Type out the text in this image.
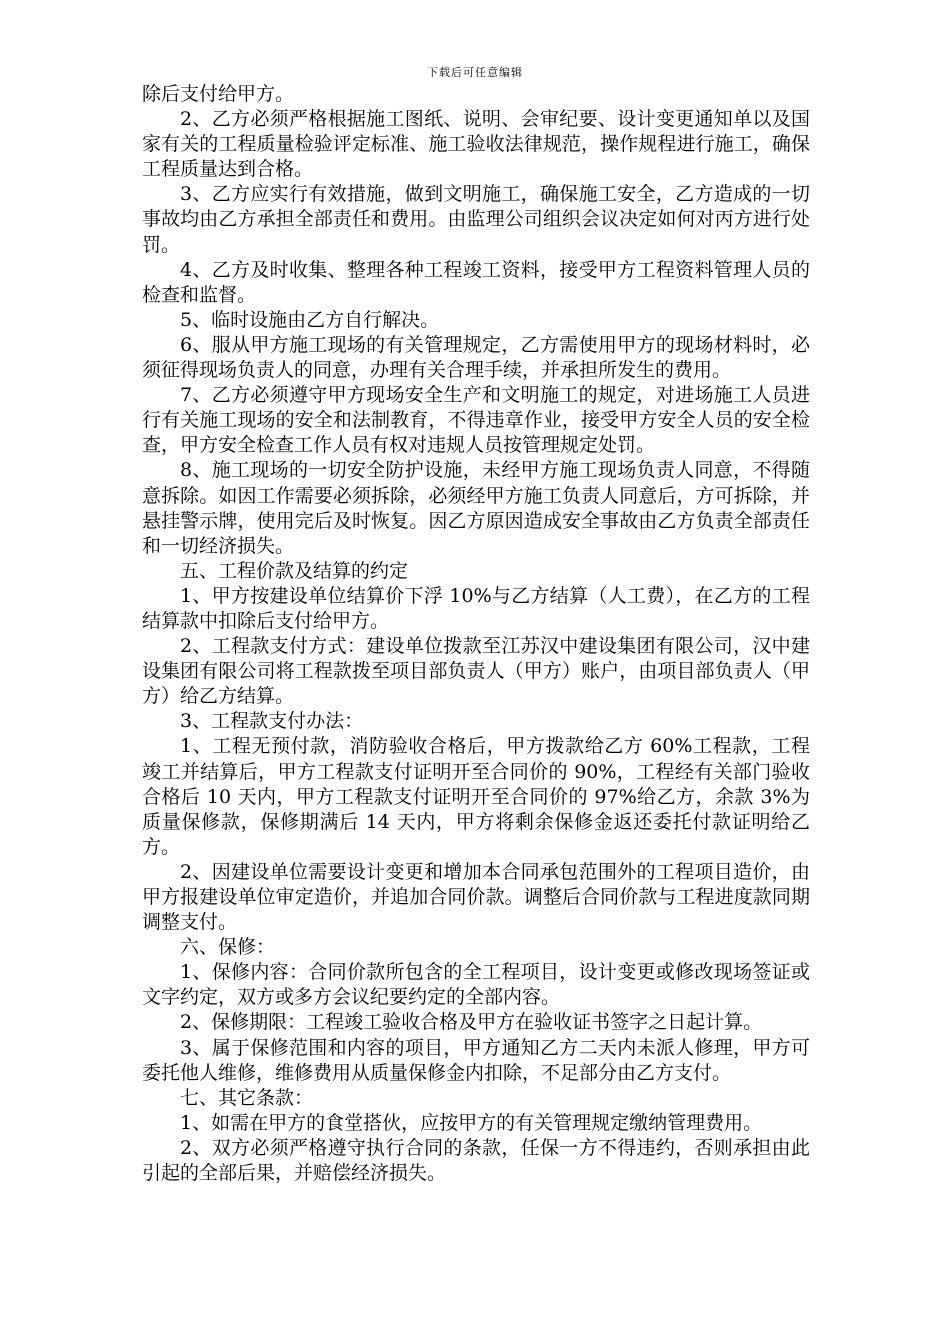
下载后可任意编辑

除后支付给甲方。

2、乙方必须严格根据施工图纸、说明、会审纪要、设计变更通知单以及国家有关的工程质量检验评定标准、施工验收法律规范，操作规程进行施工，确保工程质量达到合格。

3、乙方应实行有效措施，做到文明施工，确保施工安全，乙方造成的一切事故均由乙方承担全部责任和费用。由监理公司组织会议决定如何对丙方进行处罚。

4、乙方及时收集、整理各种工程竣工资料，接受甲方工程资料管理人员的检查和监督。

5、临时设施由乙方自行解决。

6、服从甲方施工现场的有关管理规定，乙方需使用甲方的现场材料时，必须征得现场负责人的同意，办理有关合理手续，并承担所发生的费用。

7、乙方必须遵守甲方现场安全生产和文明施工的规定，对进场施工人员进行有关施工现场的安全和法制教育，不得违章作业，接受甲方安全人员的安全检查，甲方安全检查工作人员有权对违规人员按管理规定处罚。

8、施工现场的一切安全防护设施，未经甲方施工现场负责人同意，不得随意拆除。如因工作需要必须拆除，必须经甲方施工负责人同意后，方可拆除，并悬挂警示牌，使用完后及时恢复。因乙方原因造成安全事故由乙方负责全部责任和一切经济损失。

五、工程价款及结算的约定

1、甲方按建设单位结算价下浮 10%与乙方结算（人工费），在乙方的工程结算款中扣除后支付给甲方。

2、工程款支付方式：建设单位拨款至江苏汉中建设集团有限公司，汉中建设集团有限公司将工程款拨至项目部负责人（甲方）账户，由项目部负责人（甲方）给乙方结算。

3、工程款支付办法：

1、工程无预付款，消防验收合格后，甲方拨款给乙方 60%工程款，工程竣工并结算后，甲方工程款支付证明开至合同价的 90%，工程经有关部门验收合格后 10 天内，甲方工程款支付证明开至合同价的 97%给乙方，余款 3%为质量保修款，保修期满后 14 天内，甲方将剩余保修金返还委托付款证明给乙方。

2、因建设单位需要设计变更和增加本合同承包范围外的工程项目造价，由甲方报建设单位审定造价，并追加合同价款。调整后合同价款与工程进度款同期调整支付。

六、保修：

1、保修内容：合同价款所包含的全工程项目，设计变更或修改现场签证或文字约定，双方或多方会议纪要约定的全部内容。

2、保修期限：工程竣工验收合格及甲方在验收证书签字之日起计算。

3、属于保修范围和内容的项目，甲方通知乙方二天内未派人修理，甲方可委托他人维修，维修费用从质量保修金内扣除，不足部分由乙方支付。

七、其它条款：

1、如需在甲方的食堂搭伙，应按甲方的有关管理规定缴纳管理费用。

2、双方必须严格遵守执行合同的条款，任保一方不得违约，否则承担由此引起的全部后果，并赔偿经济损失。
